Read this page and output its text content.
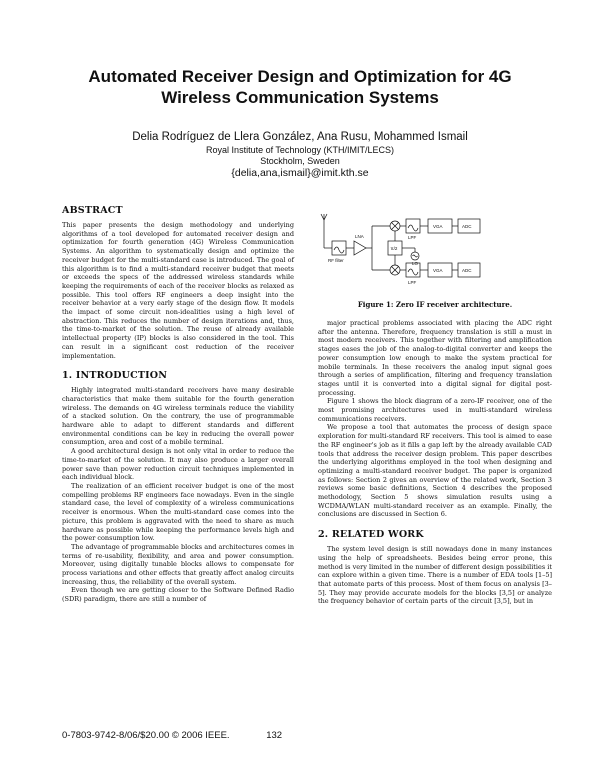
Automated Receiver Design and Optimization for 4G Wireless Communication Systems
Delia Rodríguez de Llera González, Ana Rusu, Mohammed Ismail
Royal Institute of Technology (KTH/IMIT/LECS)
Stockholm, Sweden
{delia,ana,ismail}@imit.kth.se
ABSTRACT

This paper presents the design methodology and underlying algorithms of a tool developed for automated receiver design and optimization for fourth generation (4G) Wireless Communication Systems. An algorithm to systematically design and optimize the receiver budget for the multi-standard case is introduced. The goal of this algorithm is to find a multi-standard receiver budget that meets or exceeds the specs of the addressed wireless standards while keeping the requirements of each of the receiver blocks as relaxed as possible. This tool offers RF engineers a deep insight into the receiver behavior at a very early stage of the design flow. It models the impact of some circuit non-idealities using a high level of abstraction. This reduces the number of design iterations and, thus, the time-to-market of the solution. The reuse of already available intellectual property (IP) blocks is also considered in the tool. This can result in a significant cost reduction of the receiver implementation.

1. INTRODUCTION

Highly integrated multi-standard receivers have many desirable characteristics that make them suitable for the fourth generation wireless. The demands on 4G wireless terminals reduce the viability of a stacked solution. On the contrary, the use of programmable hardware able to adapt to different standards and different environmental conditions can be key in reducing the overall power consumption, area and cost of a mobile terminal.

A good architectural design is not only vital in order to reduce the time-to-market of the solution. It may also produce a larger overall power save than power reduction circuit techniques implemented in each individual block.

The realization of an efficient receiver budget is one of the most compelling problems RF engineers face nowadays. Even in the single standard case, the level of complexity of a wireless communications receiver is enormous. When the multi-standard case comes into the picture, this problem is aggravated with the need to share as much hardware as possible while keeping the performance levels high and the power consumption low.

The advantage of programmable blocks and architectures comes in terms of re-usability, flexibility, and area and power consumption. Moreover, using digitally tunable blocks allows to compensate for process variations and other effects that greatly affect analog circuits increasing, thus, the reliability of the overall system.

Even though we are getting closer to the Software Defined Radio (SDR) paradigm, there are still a number of

RF filter
LNA	LPF
LPF
LO
π/2
VGA
VGA
ADC
ADC
Figure 1: Zero IF receiver architecture.

major practical problems associated with placing the ADC right after the antenna. Therefore, frequency translation is still a must in most modern receivers. This together with filtering and amplification stages eases the job of the analog-to-digital converter and keeps the power consumption low enough to make the system practical for mobile terminals. In these receivers the analog input signal goes through a series of amplification, filtering and frequency translation stages until it is converted into a digital signal for digital post-processing.

Figure 1 shows the block diagram of a zero-IF receiver, one of the most promising architectures used in multi-standard wireless communications receivers.

We propose a tool that automates the process of design space exploration for multi-standard RF receivers. This tool is aimed to ease the RF engineer's job as it fills a gap left by the already available CAD tools that address the receiver design problem. This paper describes the underlying algorithms employed in the tool when designing and optimizing a multi-standard receiver budget. The paper is organized as follows: Section 2 gives an overview of the related work, Section 3 reviews some basic definitions, Section 4 describes the proposed methodology, Section 5 shows simulation results using a WCDMA/WLAN multi-standard receiver as an example. Finally, the conclusions are discussed in Section 6.

2. RELATED WORK

The system level design is still nowadays done in many instances using the help of spreadsheets. Besides being error prone, this method is very limited in the number of different design possibilities it can explore within a given time. There is a number of EDA tools [1–5] that automate parts of this process. Most of them focus on analysis [3–5]. They may provide accurate models for the blocks [3,5] or analyze the frequency behavior of certain parts of the circuit [3,5], but in

0-7803-9742-8/06/$20.00 © 2006 IEEE.	132
